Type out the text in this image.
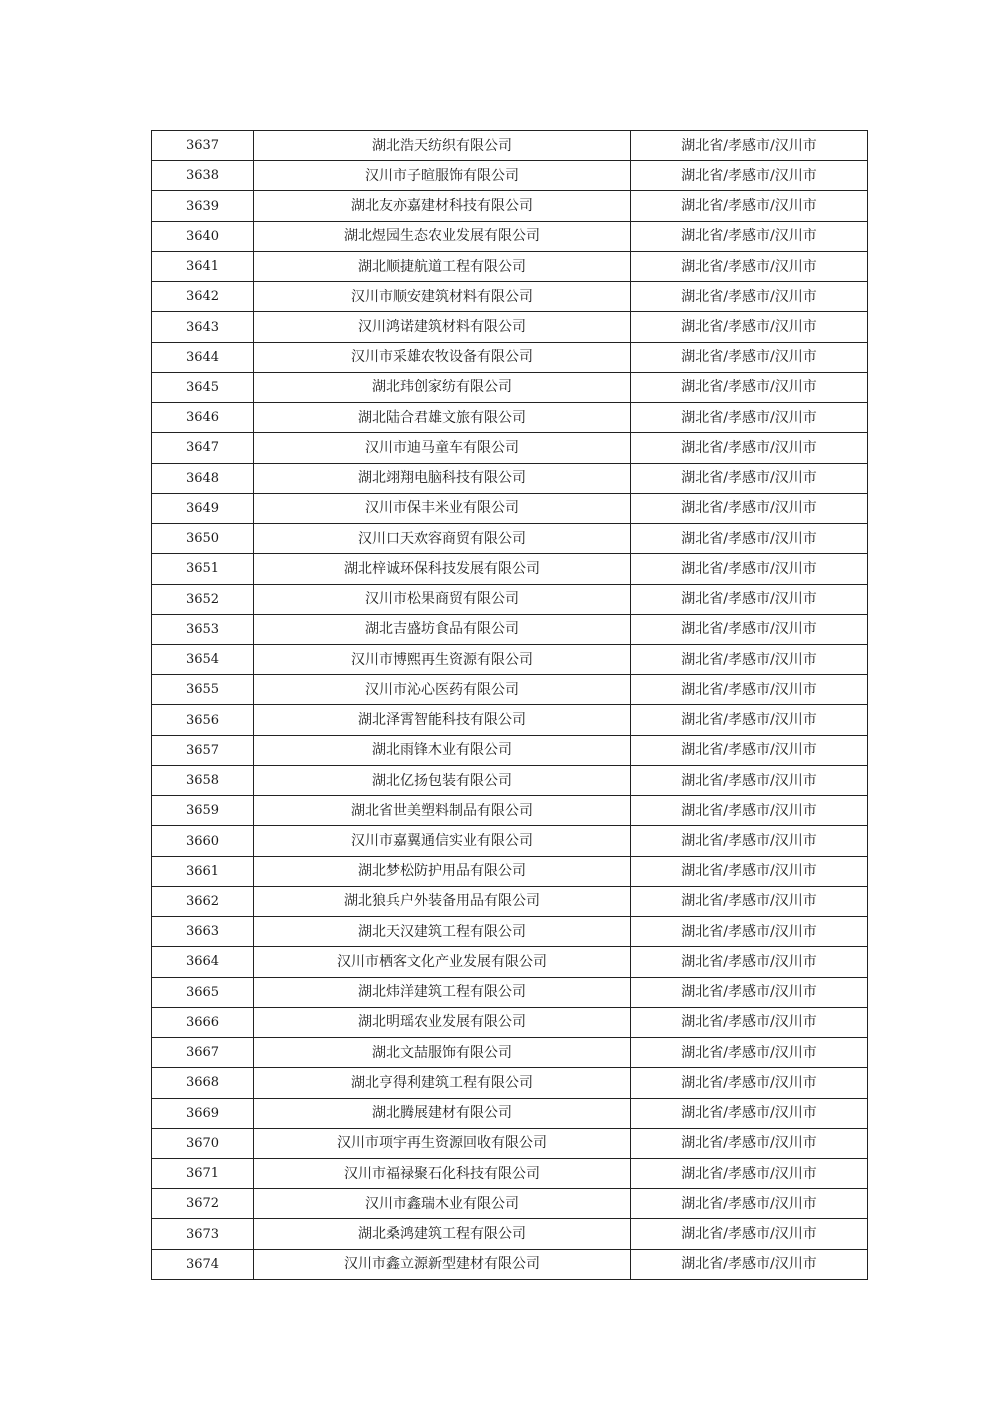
3637	湖北浩天纺织有限公司	湖北省/孝感市/汉川市
3638	汉川市子暄服饰有限公司	湖北省/孝感市/汉川市
3639	湖北友亦嘉建材科技有限公司	湖北省/孝感市/汉川市
3640	湖北煜园生态农业发展有限公司	湖北省/孝感市/汉川市
3641	湖北顺捷航道工程有限公司	湖北省/孝感市/汉川市
3642	汉川市顺安建筑材料有限公司	湖北省/孝感市/汉川市
3643	汉川鸿诺建筑材料有限公司	湖北省/孝感市/汉川市
3644	汉川市采雄农牧设备有限公司	湖北省/孝感市/汉川市
3645	湖北玮创家纺有限公司	湖北省/孝感市/汉川市
3646	湖北陆合君雄文旅有限公司	湖北省/孝感市/汉川市
3647	汉川市迪马童车有限公司	湖北省/孝感市/汉川市
3648	湖北翊翔电脑科技有限公司	湖北省/孝感市/汉川市
3649	汉川市保丰米业有限公司	湖北省/孝感市/汉川市
3650	汉川口天欢容商贸有限公司	湖北省/孝感市/汉川市
3651	湖北梓诚环保科技发展有限公司	湖北省/孝感市/汉川市
3652	汉川市松果商贸有限公司	湖北省/孝感市/汉川市
3653	湖北吉盛坊食品有限公司	湖北省/孝感市/汉川市
3654	汉川市博熙再生资源有限公司	湖北省/孝感市/汉川市
3655	汉川市沁心医药有限公司	湖北省/孝感市/汉川市
3656	湖北泽霄智能科技有限公司	湖北省/孝感市/汉川市
3657	湖北雨锋木业有限公司	湖北省/孝感市/汉川市
3658	湖北亿扬包装有限公司	湖北省/孝感市/汉川市
3659	湖北省世美塑料制品有限公司	湖北省/孝感市/汉川市
3660	汉川市嘉翼通信实业有限公司	湖北省/孝感市/汉川市
3661	湖北梦松防护用品有限公司	湖北省/孝感市/汉川市
3662	湖北狼兵户外装备用品有限公司	湖北省/孝感市/汉川市
3663	湖北天汉建筑工程有限公司	湖北省/孝感市/汉川市
3664	汉川市栖客文化产业发展有限公司	湖北省/孝感市/汉川市
3665	湖北炜洋建筑工程有限公司	湖北省/孝感市/汉川市
3666	湖北明瑶农业发展有限公司	湖北省/孝感市/汉川市
3667	湖北文喆服饰有限公司	湖北省/孝感市/汉川市
3668	湖北亨得利建筑工程有限公司	湖北省/孝感市/汉川市
3669	湖北腾展建材有限公司	湖北省/孝感市/汉川市
3670	汉川市项宇再生资源回收有限公司	湖北省/孝感市/汉川市
3671	汉川市福禄聚石化科技有限公司	湖北省/孝感市/汉川市
3672	汉川市鑫瑞木业有限公司	湖北省/孝感市/汉川市
3673	湖北桑鸿建筑工程有限公司	湖北省/孝感市/汉川市
3674	汉川市鑫立源新型建材有限公司	湖北省/孝感市/汉川市
